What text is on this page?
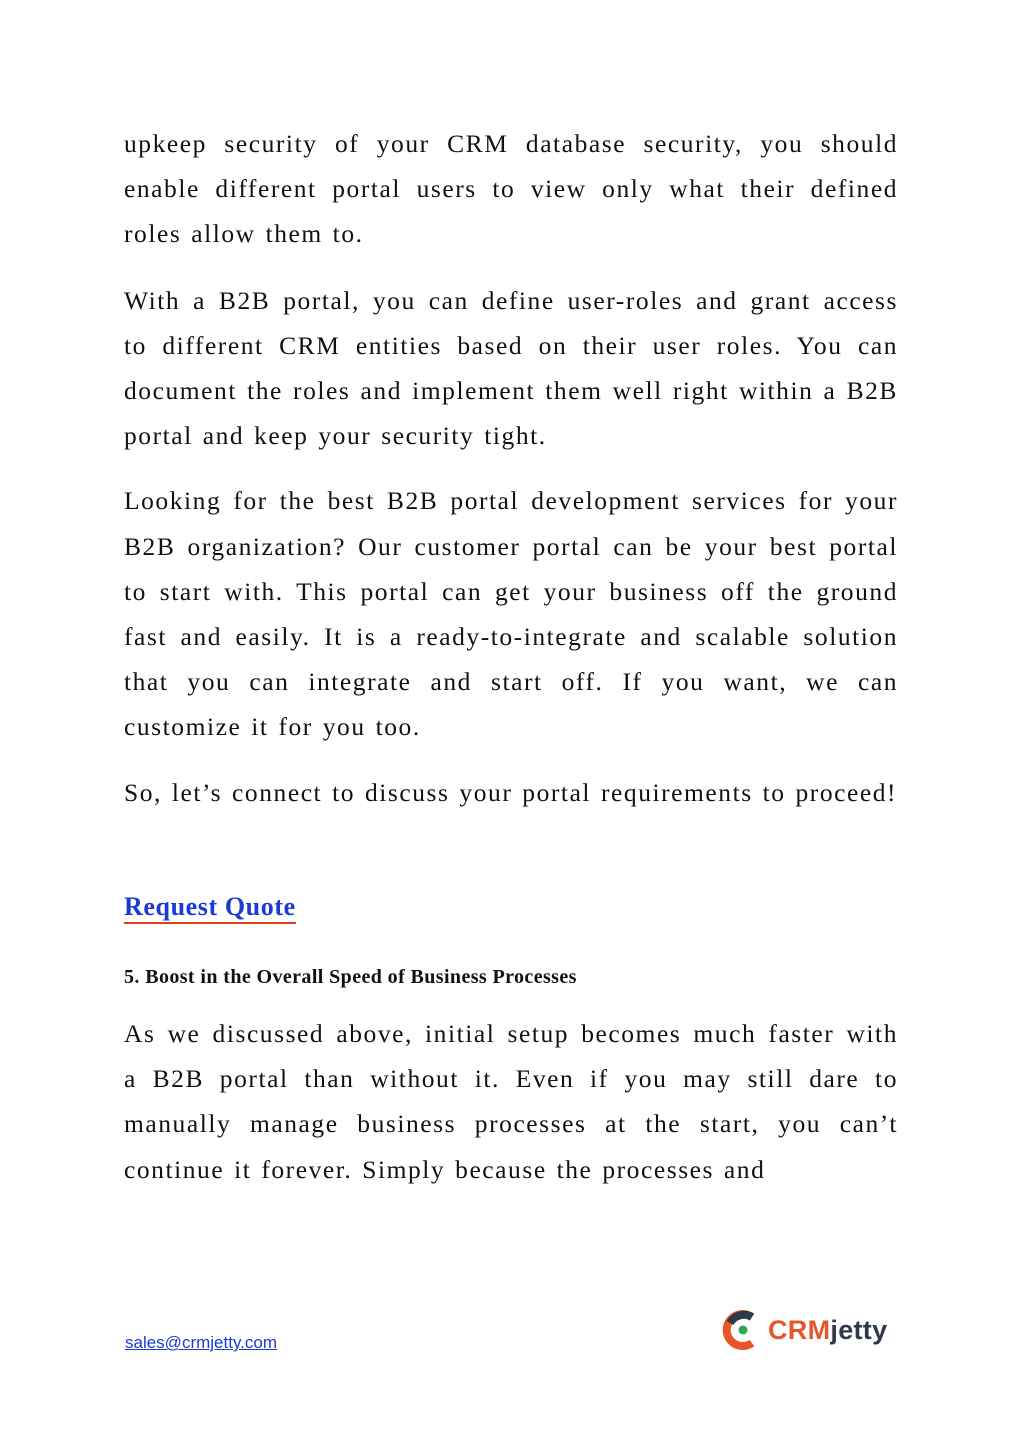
upkeep security of your CRM database security, you should enable different portal users to view only what their defined roles allow them to.

With a B2B portal, you can define user-roles and grant access to different CRM entities based on their user roles. You can document the roles and implement them well right within a B2B portal and keep your security tight.

Looking for the best B2B portal development services for your B2B organization? Our customer portal can be your best portal to start with. This portal can get your business off the ground fast and easily. It is a ready-to-integrate and scalable solution that you can integrate and start off. If you want, we can customize it for you too.

So, let’s connect to discuss your portal requirements to proceed!

Request Quote
5. Boost in the Overall Speed of Business Processes

As we discussed above, initial setup becomes much faster with a B2B portal than without it. Even if you may still dare to manually manage business processes at the start, you can’t continue it forever. Simply because the processes and

sales@crmjetty.com	CRMjetty
